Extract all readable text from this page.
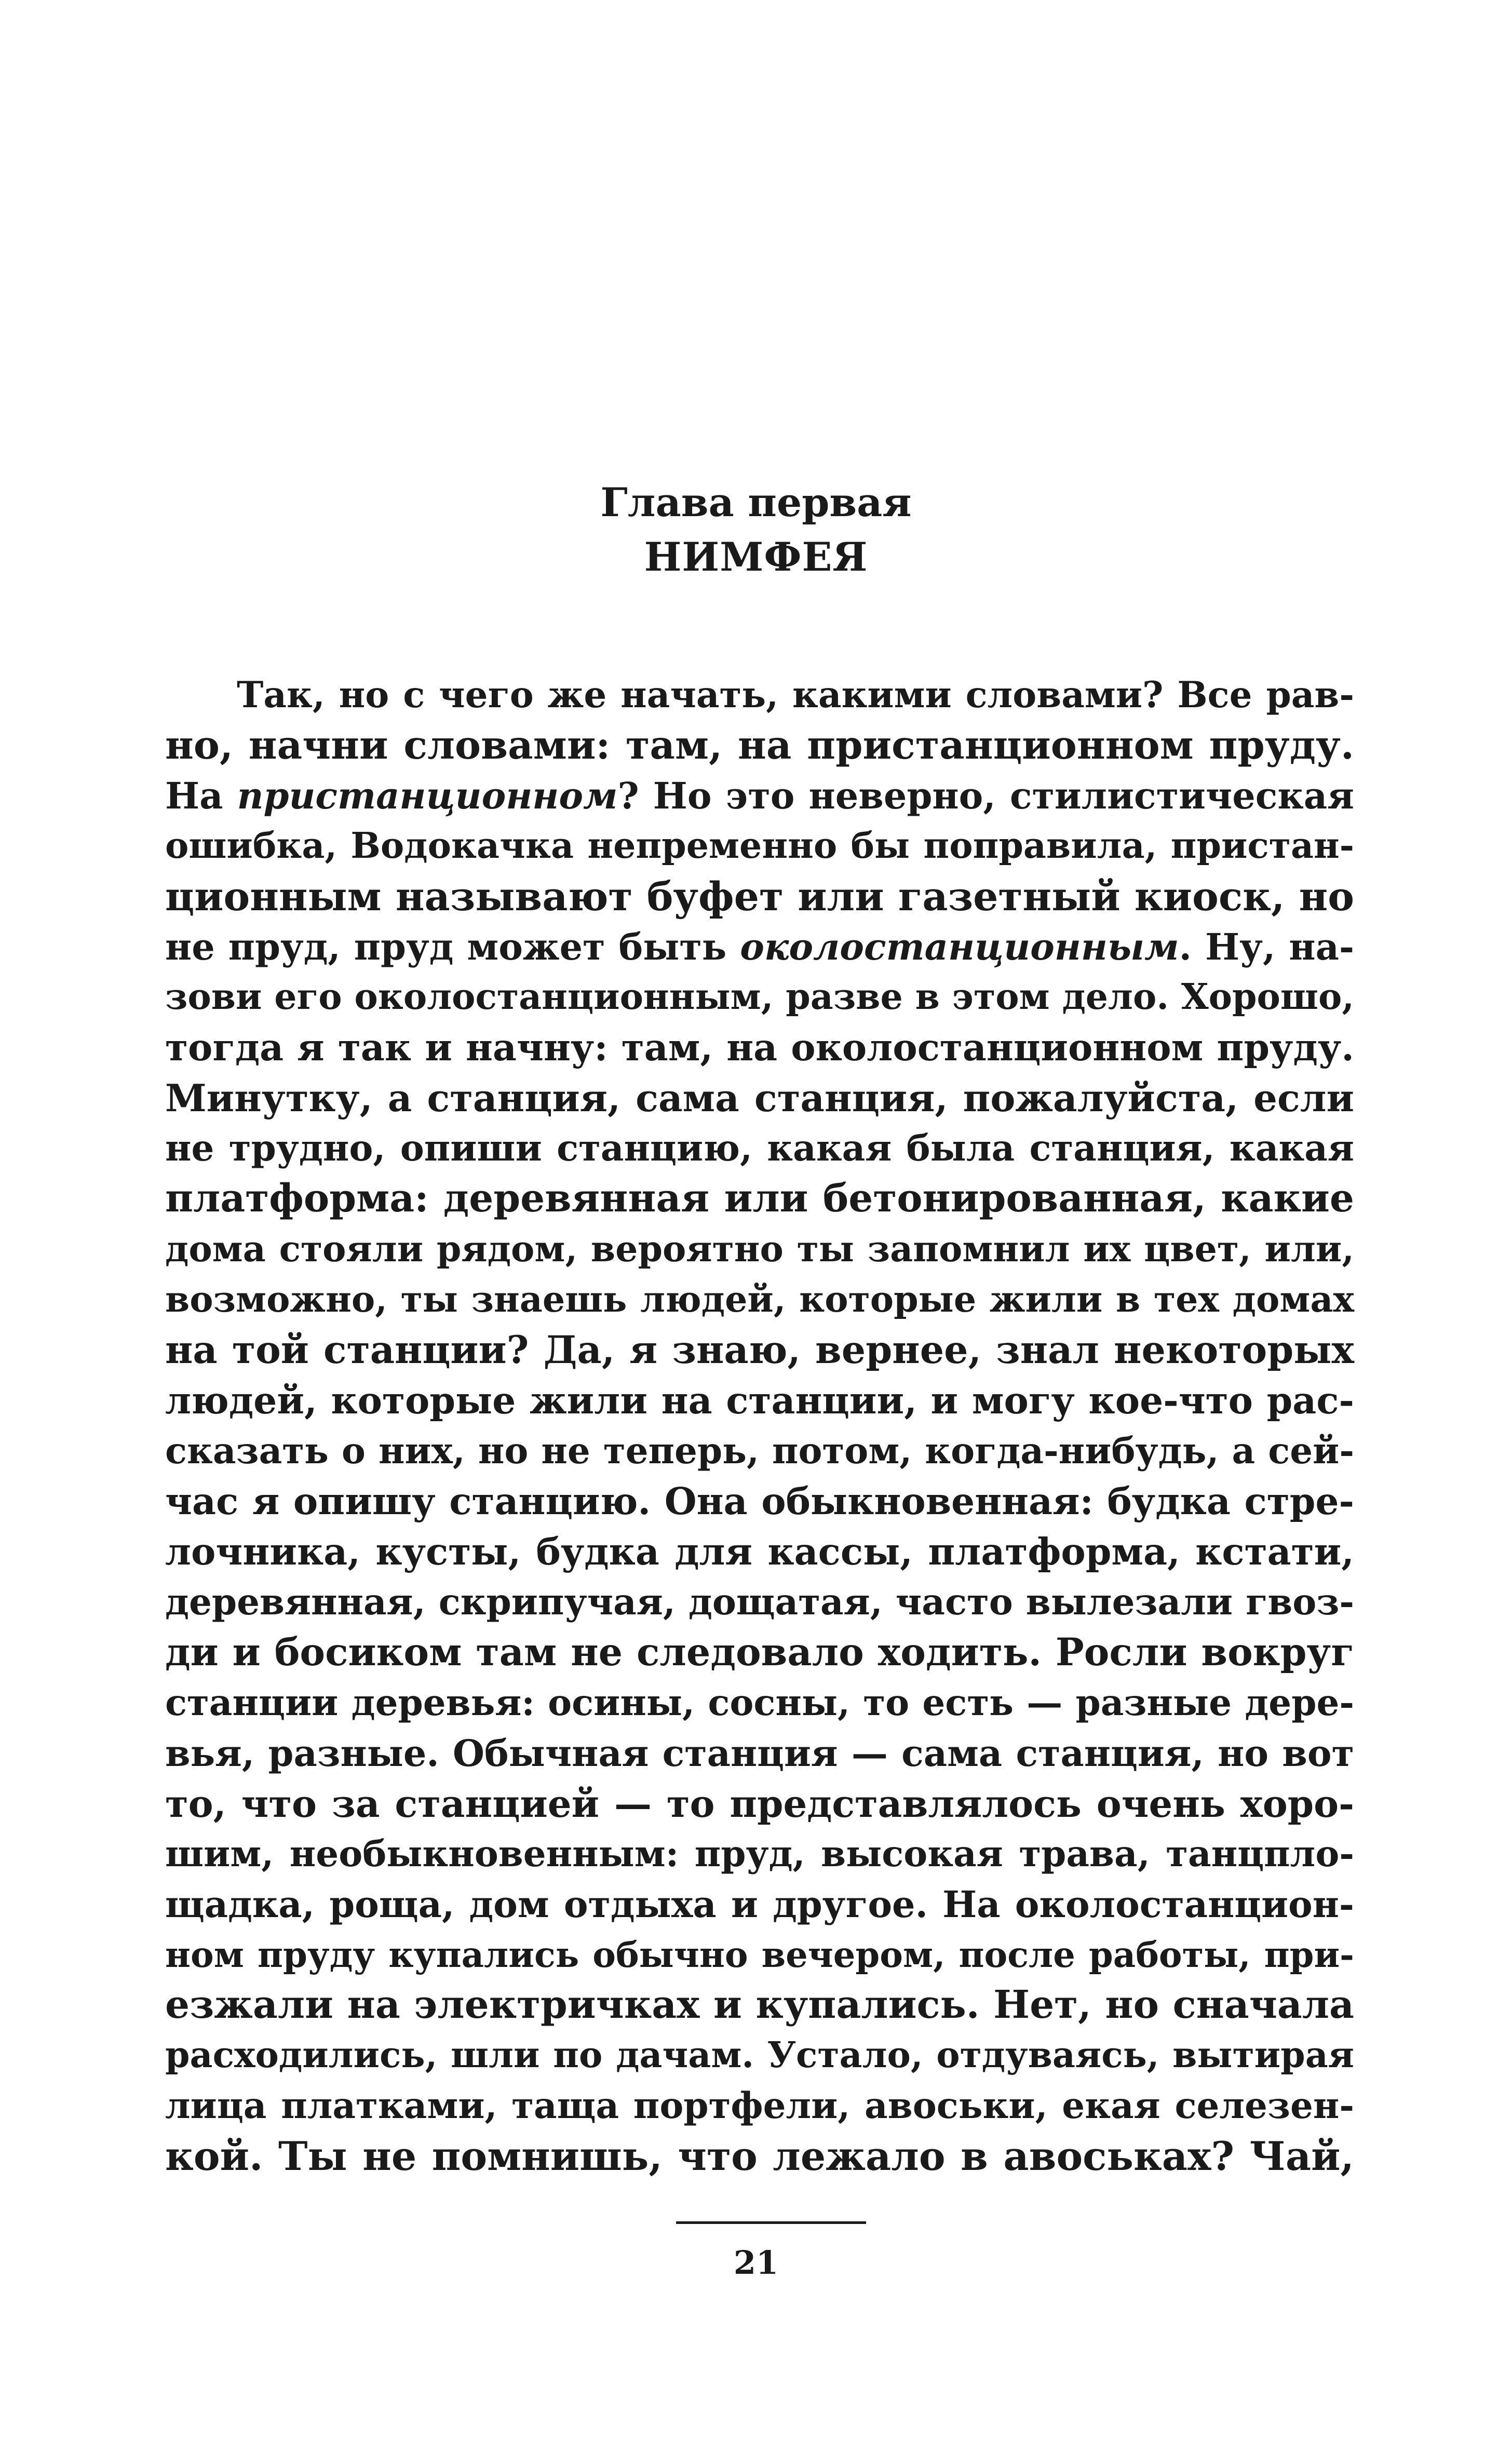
Глава первая
НИМФЕЯ
Так, но с чего же начать, какими словами? Все рав-
но, начни словами: там, на пристанционном пруду.
На пристанционном? Но это неверно, стилистическая
ошибка, Водокачка непременно бы поправила, пристан-
ционным называют буфет или газетный киоск, но
не пруд, пруд может быть околостанционным. Ну, на-
зови его околостанционным, разве в этом дело. Хорошо,
тогда я так и начну: там, на околостанционном пруду.
Минутку, а станция, сама станция, пожалуйста, если
не трудно, опиши станцию, какая была станция, какая
платформа: деревянная или бетонированная, какие
дома стояли рядом, вероятно ты запомнил их цвет, или,
возможно, ты знаешь людей, которые жили в тех домах
на той станции? Да, я знаю, вернее, знал некоторых
людей, которые жили на станции, и могу кое-что рас-
сказать о них, но не теперь, потом, когда-нибудь, а сей-
час я опишу станцию. Она обыкновенная: будка стре-
лочника, кусты, будка для кассы, платформа, кстати,
деревянная, скрипучая, дощатая, часто вылезали гвоз-
ди и босиком там не следовало ходить. Росли вокруг
станции деревья: осины, сосны, то есть — разные дере-
вья, разные. Обычная станция — сама станция, но вот
то, что за станцией — то представлялось очень хоро-
шим, необыкновенным: пруд, высокая трава, танцпло-
щадка, роща, дом отдыха и другое. На околостанцион-
ном пруду купались обычно вечером, после работы, при-
езжали на электричках и купались. Нет, но сначала
расходились, шли по дачам. Устало, отдуваясь, вытирая
лица платками, таща портфели, авоськи, екая селезен-
кой. Ты не помнишь, что лежало в авоськах? Чай,
21
